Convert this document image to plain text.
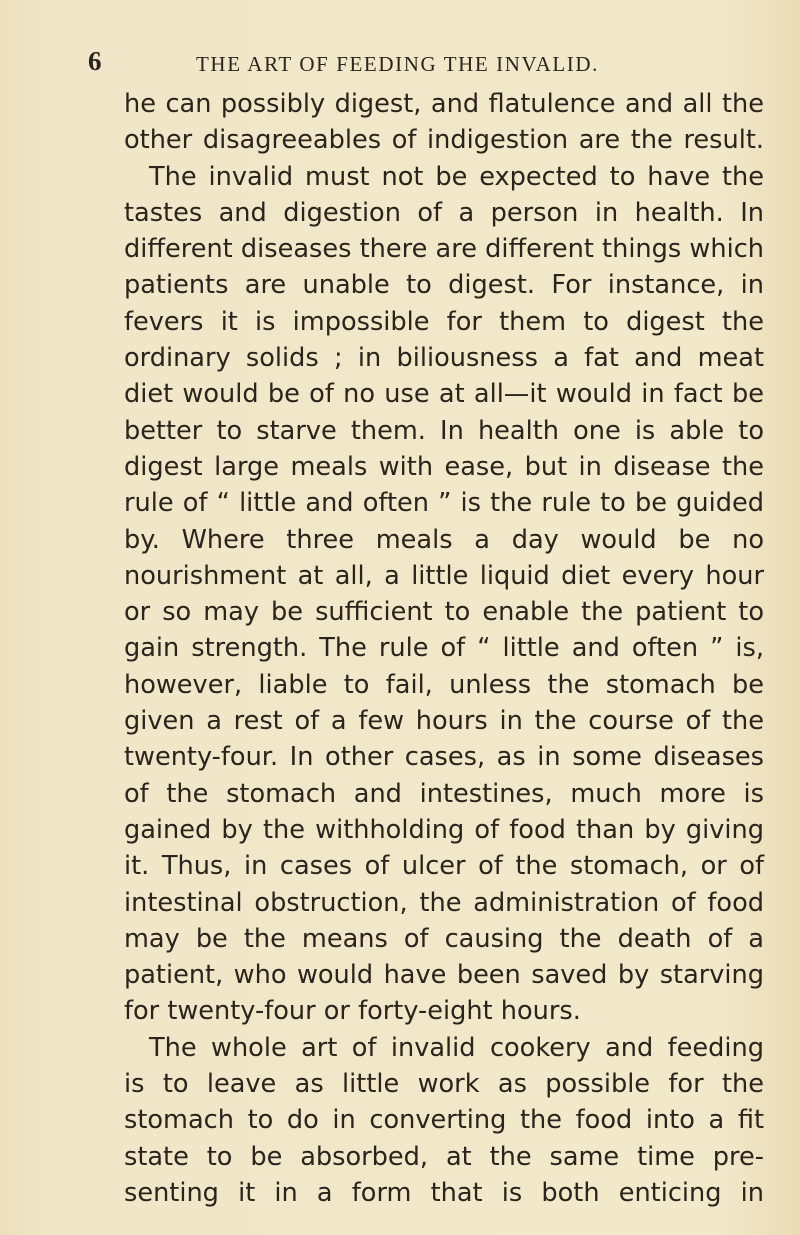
6	THE ART OF FEEDING THE INVALID.
he can possibly digest, and flatulence and all the
other disagreeables of indigestion are the result.
The invalid must not be expected to have the
tastes and digestion of a person in health. In
different diseases there are different things which
patients are unable to digest. For instance, in
fevers it is impossible for them to digest the
ordinary solids ; in biliousness a fat and meat
diet would be of no use at all—it would in fact be
better to starve them. In health one is able to
digest large meals with ease, but in disease the
rule of “ little and often ” is the rule to be guided
by. Where three meals a day would be no
nourishment at all, a little liquid diet every hour
or so may be sufficient to enable the patient to
gain strength. The rule of “ little and often ” is,
however, liable to fail, unless the stomach be
given a rest of a few hours in the course of the
twenty-four. In other cases, as in some diseases
of the stomach and intestines, much more is
gained by the withholding of food than by giving
it. Thus, in cases of ulcer of the stomach, or of
intestinal obstruction, the administration of food
may be the means of causing the death of a
patient, who would have been saved by starving
for twenty-four or forty-eight hours.
The whole art of invalid cookery and feeding
is to leave as little work as possible for the
stomach to do in converting the food into a fit
state to be absorbed, at the same time pre-
senting it in a form that is both enticing in
